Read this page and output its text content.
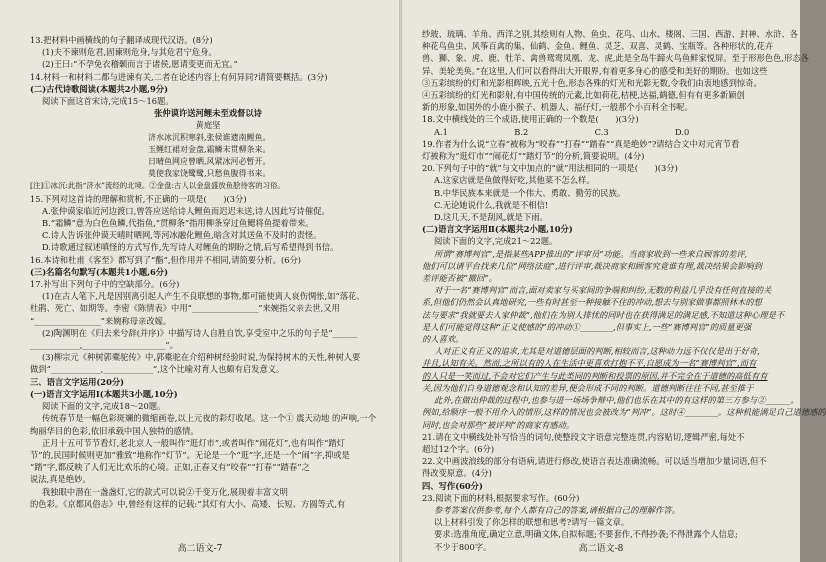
13.把材料中画横线的句子翻译成现代汉语。(8分)

(1)夫不谏则危君,固谏则危身,与其危君宁危身。

(2)王曰:“不孕免衣稽颡而言于诸侯,愿请变更而无宜。”

14.材料一和材料二都与进谏有关,二者在论述内容上有何异同?请简要概括。(3分)

(二)古代诗歌阅读(本题共2小题,9分)

阅读下面这首宋诗,完成15～16题。

张仲谟许送河鲤未至戏督以诗

黄庭坚

济水冰沉积寒斜,张侯谁遗南鲤鱼。

玉鲤红裙对金盘,霜鳞未贯柳条来。

日晴鱼网应曾晒,风紧冰河必暂开。

莫使我家饶鹭鹭,只愁鱼腹得书来。

[注]①冰沉:此指“济水”流经的北境。②金盘:古人以金盘盛放鱼脍待客的习俗。

15.下列对这首诗的理解和赏析,不正确的一项是(　　)(3分)

A.张仲谟家临近河边渡口,曾答应送给诗人鲤鱼而迟迟未送,诗人因此写诗催促。

B.“霜鳞”意为白色鱼鳞,代指鱼,“贯柳条”指用柳条穿过鱼鳃将鱼提着带来。

C.诗人告诉张仲谟天晴时晒网,等河冰融化鲤鱼,暗含对其送鱼不及时的责怪。

D.诗歌通过叙述嗔怪的方式写作,先写诗人对鲤鱼的期盼之情,后写希望得到书信。

16.本诗和杜甫《客至》都写到了“酯”,但作用并不相同,请简要分析。(6分)

(三)名篇名句默写(本题共1小题,6分)

17.补写出下列句子中的空缺部分。(6分)

(1)在古人笔下,凡是因别离引起人产生不良联想的事物,都可能使离人哀伤惆怅,如“落花、

杜鹃、死亡、如期等。李密《陈情表》中用“________________”来婉指父亲去世,又用

“________________”来婉称母亲改嫁。

(2)陶渊明在《归去来兮辞(并序)》中描写诗人自胜自饮,享受室中之乐的句子是“______

____________,____________________”。

(3)柳宗元《种树郭橐驼传》中,郭橐驼在介绍种树经验时说,为保持树木的天性,种树人要

做到“____________,____________”,这个比喻对育人也颇有启发意义。

三、语言文字运用(20分)

(一)语言文字运用Ⅰ(本题共3小题,10分)

阅读下面的文字,完成18～20题。

传统春节是一幅色彩斑斓的微缩画卷,以上元夜的彩灯收尾。这一个① 震天动地 的声响,一个

绚丽华目的色彩,依旧承载中国人独特的感情。

正月十五可节节看灯,老北京人一般叫作“逛灯市”,或者叫作“闹花灯”,也有叫作“踏灯

节”的,民国时候则更加“雅致”地称作“灯节”。无论是一个“逛”字,还是一个“闹”字,抑或是

“踏”字,都反映了人们无比欢乐的心境。正如,正春又有“咬春”“打春”“踏春”之

说法,真是绝妙。

我独眼中潜在一盏盏灯,它的款式可以说②千变万化,展现着丰富文明

的色彩。《京都风俗志》中,曾经有这样的记载:“其灯有大小、高矮、长短、方圆等式,有

高二语文-7

纱玻、琉璃、羊角、西洋之别,其绘则有人物、鱼虫、花鸟、山水、楼阁、三国、西游、封神、水浒、各

种花鸟鱼虫、风筝百禽的集、仙鹤、金鱼、鲤鱼、灵芝、双喜、灵鹤、宝瓶等。各种形状的,花卉

兽、狮、象、虎、鹿、牡羊、禽兽鸳鸯凤凰、龙、虎,此是全岛牛蹄火鸟鱼鲜家悦屏。至于形形色色,形态各

异、美轮美奂。”在这里,人们可以看得出大开眼界,有着更多身心的感受和美好的期盼。也如这些

③五彩缤纷的灯和光影相辉映,五光十色,形态各殊的灯光和光影无数,令我们由衷地感到惊奇。

④五彩缤纷的灯光和影射,有中国传统的元素,比如荷花,桔梗,达福,鹤德,但有有更多新颖创

新的形象,如国外的小鹿小猴子、机器人、福仔灯,一般那个小百科全书呢。

18.文中横线处的三个成语,使用正确的一个数是(　　)(3分)

A.1　　　　　　　　B.2　　　　　　　　C.3　　　　　　　　D.0

19.作者为什么说“立春”被称为“咬春”“打春”“踏春”“真是绝妙”?请结合文中对元宵节看

灯被称为“逛灯市”“闹花灯”“踏灯节”的分析,简要说明。(4分)

20.下列句子中的“就”与文中加点的“就”用法相同的一项是(　　)(3分)

A.这家店就是鱼做得好吃,其他菜不怎么样。

B.中华民族本来就是一个伟大、勇敢、勤劳的民族。

C.无论她说什么,我就是不相信!

D.这几天,不是刮风,就是下雨。

(二)语言文字运用Ⅱ(本题共2小题,10分)

阅读下面的文字,完成21～22题。

所谓“赛博判官”,是指某些APP推出的“评审员”功能。当商家收到一些来自顾客的差评,

他们可以请平台找来几位“网络法庭”,进行评审,裁决商家和顾客究竟谁有理,裁决结果会影响到

差评能否被“撤回”。

对于一名“赛博判官”而言,面对卖家与买家间的争端和纠纷,无数的利益几乎没有任何直接的关

系,但他们仍然会认真地研究,一些有时甚至一种接触不住的冲动,想去与别家做事都照林木的想

法与要求“我就要去人家仲裁”,他们在为别人排忧的同时也在获得满足的满足感,不知道这种心理是不

是人们可能觉得这种“正义使感的”的冲动①________,但事实上,一些“赛博判官”的质量更强

的人喜欢。

人对正义有正义的追求,尤其是对道德层面的判断,相较而言,这种动力远不仅仅是出于好奇,

并且,认知有关。然而,之所以有的人在生活中更喜欢打抱不平,自愿成为一名“赛博判官”,而有

的人只是一笑而过,不会对它们产生与此类同的判断和投票的原因,并不完全在于道德的高低有有

关,因为他们自身道德观念和认知的差异,便会形成不同的判断。道德判断往往不同,甚至推于

此外,在做出仲裁的过程中,也参与进一场场争辩中,他们也乐在其中的有这样的第三方参与②______。

例如,给顺序一般不用介入的情形,这样的情况也会被改为“判冲”。这时④________。这种机能满足自己道德感的

同时,也会对那些“被评判”的商家有感动。

21.请在文中横线处补写恰当的词句,使整段文字语意完整连贯,内容贴切,逻辑严密,每处不

超过12个字。(6分)

22.文中画波浪线的部分有语病,请进行修改,使语言表达准确流畅。可以适当增加少量词语,但不

得改变原意。(4分)

四、写作(60分)

23.阅读下面的材料,根据要求写作。(60分)

参考答案仅供参考,每个人都有自己的答案,请根据自己的理解作答。

以上材料引发了你怎样的联想和思考?请写一篇文章。

要求:选准角度,确定立意,明确文体,自拟标题;不要套作,不得抄袭;不得泄露个人信息;

不少于800字。	高二语文-8
